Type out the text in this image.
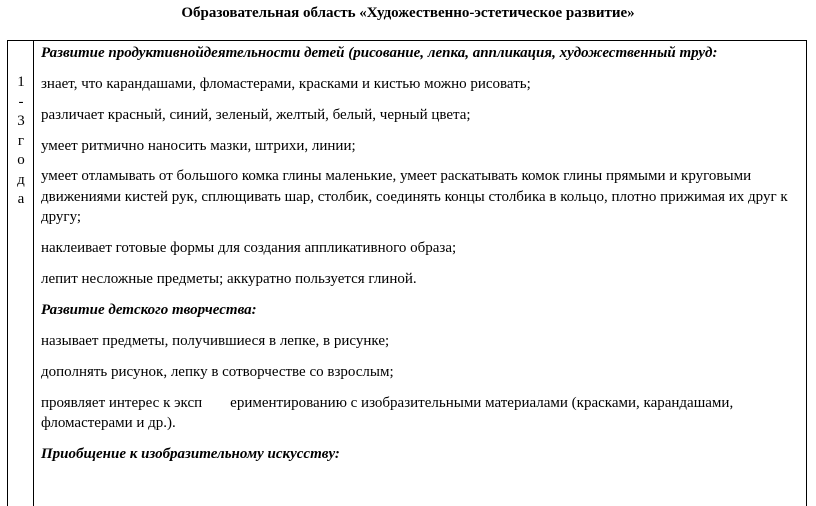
Образовательная область «Художественно-эстетическое развитие»
1
-
3
г
о
д
а
Развитие продуктивнойдеятельности детей (рисование, лепка, аппликация, художественный труд:
знает, что карандашами, фломастерами, красками и кистью можно рисовать;
различает красный, синий, зеленый, желтый, белый, черный цвета;
умеет ритмично наносить мазки, штрихи, линии;
умеет отламывать от большого комка глины маленькие, умеет раскатывать комок глины прямыми и круговыми
движениями кистей рук, сплющивать шар, столбик, соединять концы столбика в кольцо, плотно прижимая их друг к
другу;
наклеивает готовые формы для создания аппликативного образа;
лепит несложные предметы; аккуратно пользуется глиной.
Развитие детского творчества:
называет предметы, получившиеся в лепке, в рисунке;
дополнять рисунок, лепку в сотворчестве со взрослым;
проявляет интерес к эксп ериментированию с изобразительными материалами (красками, карандашами,
фломастерами и др.).
Приобщение к изобразительному искусству:
